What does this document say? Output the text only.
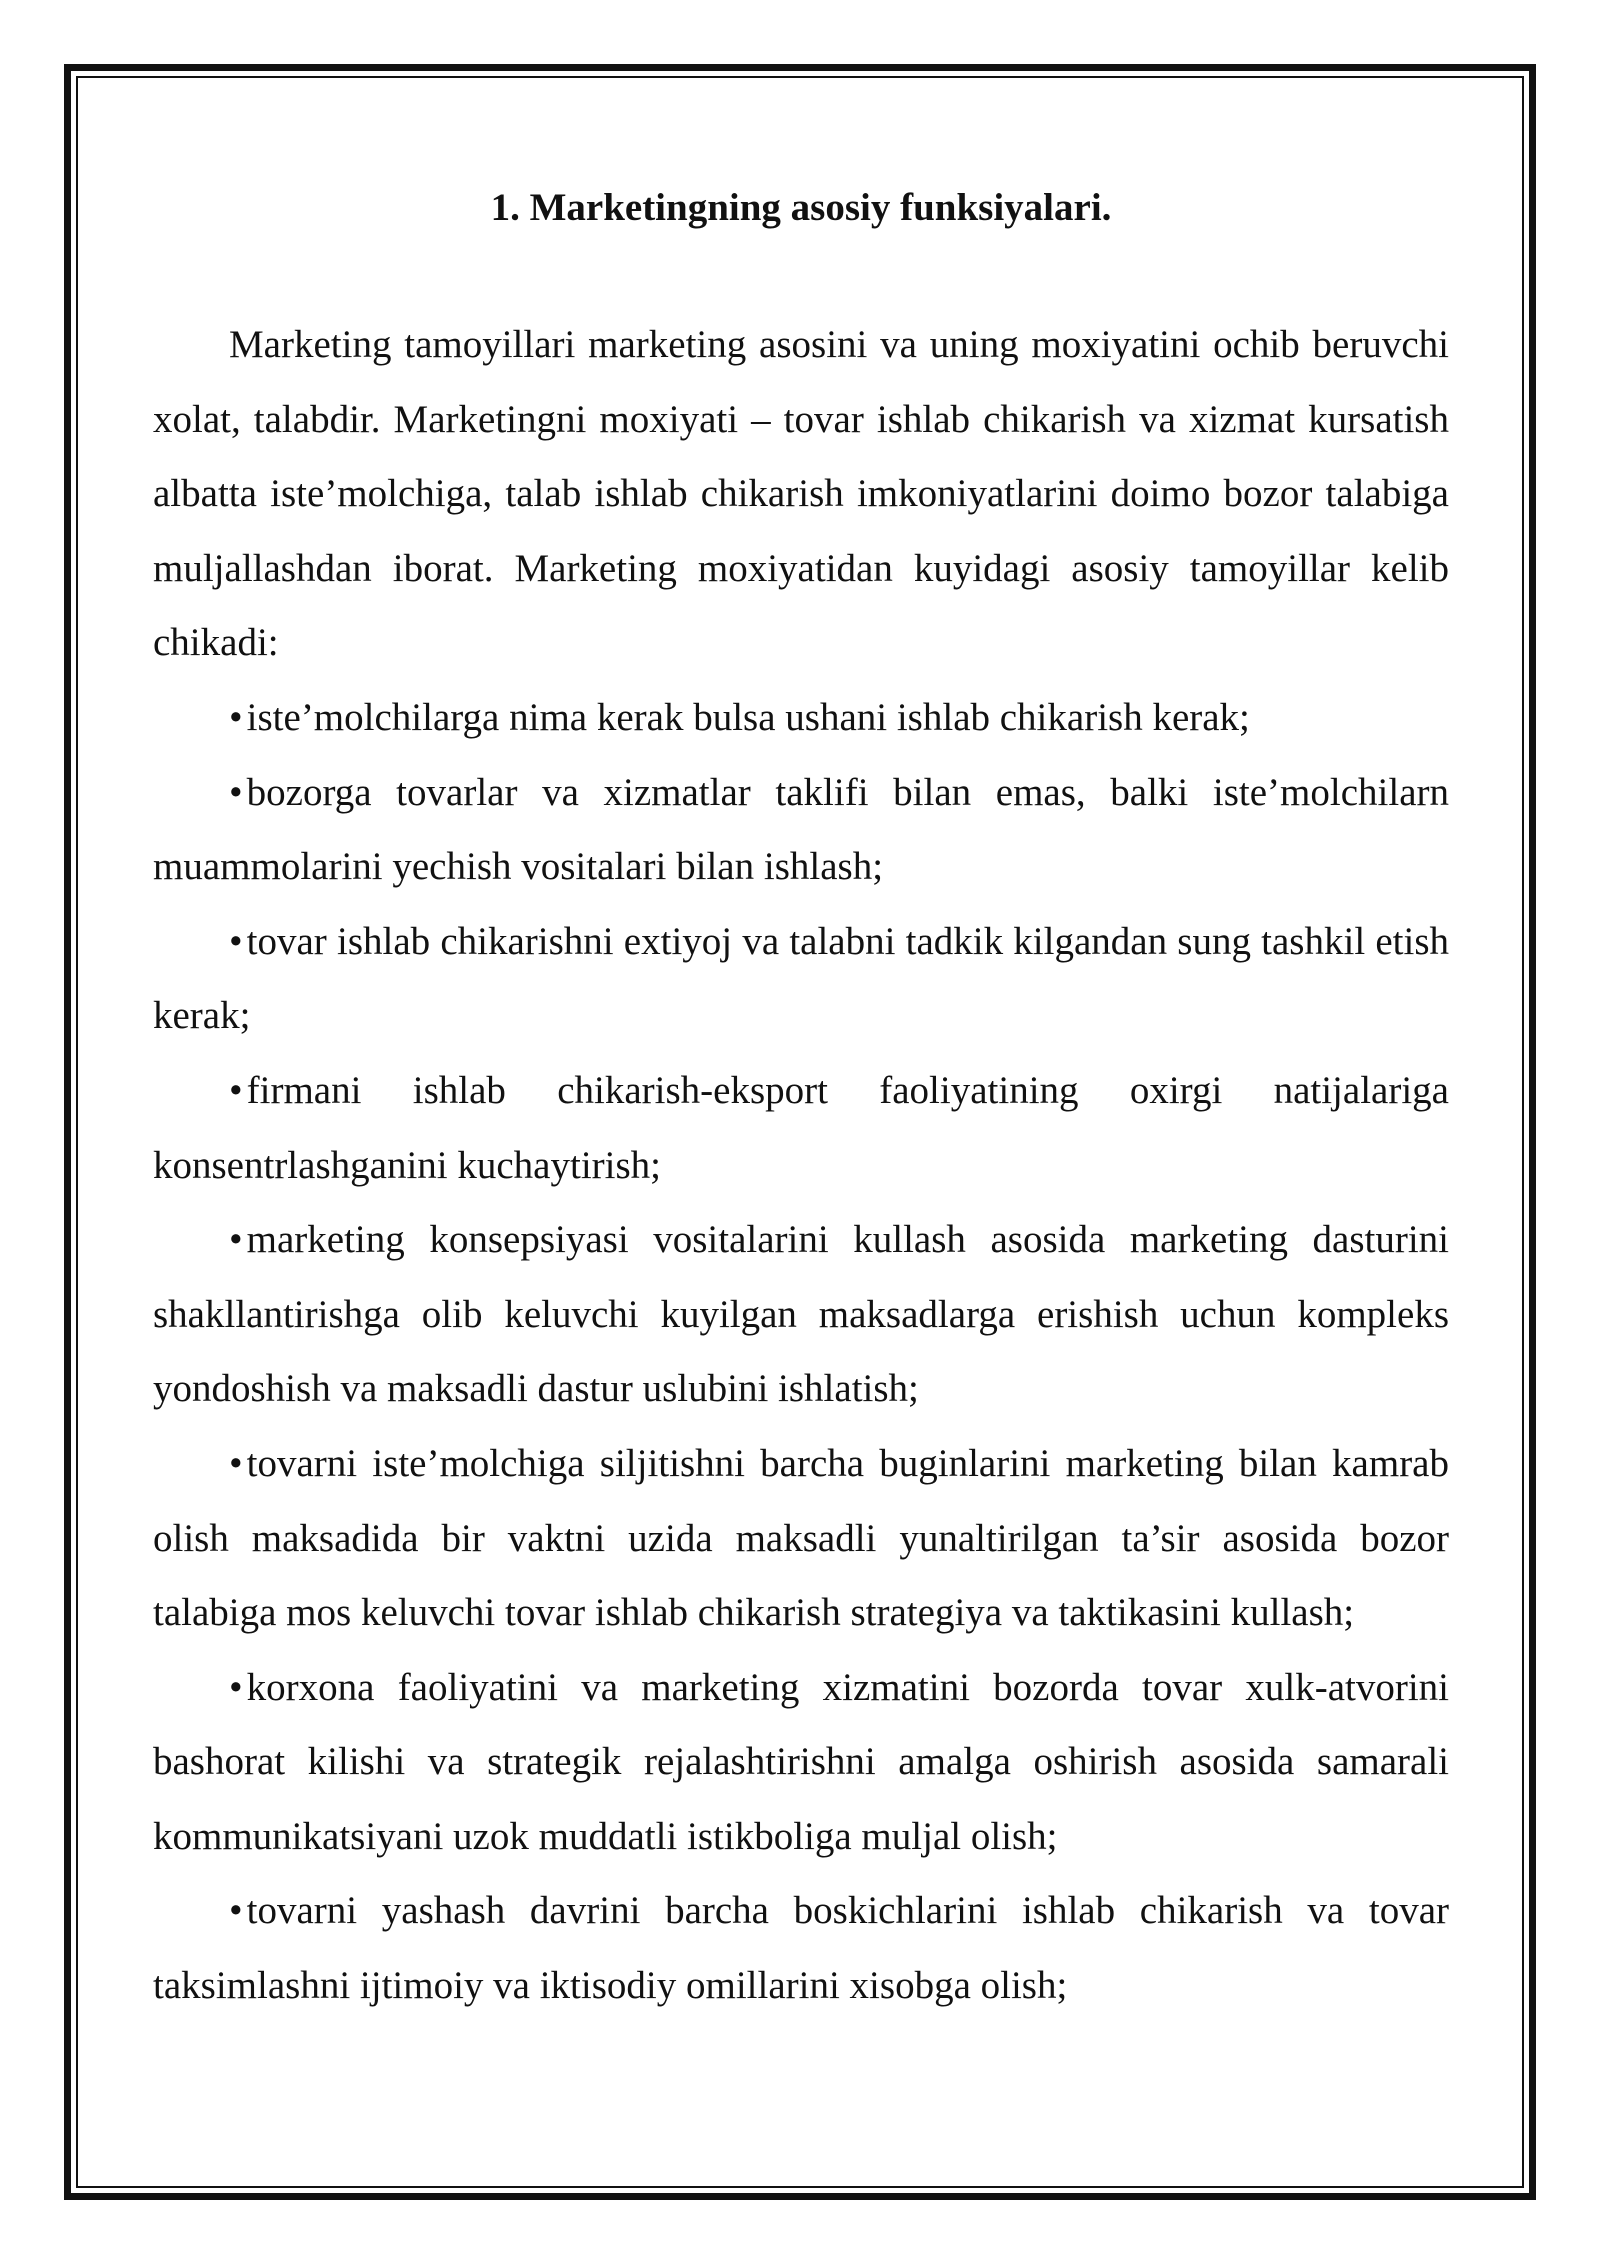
1. Marketingning asosiy funksiyalari.

Marketing tamoyillari marketing asosini va uning moxiyatini ochib beruvchi xolat, talabdir. Marketingni moxiyati – tovar ishlab chikarish va xizmat kursatish albatta iste’molchiga, talab ishlab chikarish imkoniyatlarini doimo bozor talabiga muljallashdan iborat. Marketing moxiyatidan kuyidagi asosiy tamoyillar kelib chikadi:

• iste’molchilarga nima kerak bulsa ushani ishlab chikarish kerak;

• bozorga tovarlar va xizmatlar taklifi bilan emas, balki iste’molchilarn muammolarini yechish vositalari bilan ishlash;

• tovar ishlab chikarishni extiyoj va talabni tadkik kilgandan sung tashkil etish kerak;

• firmani ishlab chikarish-eksport faoliyatining oxirgi natijalariga konsentrlashganini kuchaytirish;

• marketing konsepsiyasi vositalarini kullash asosida marketing dasturini shakllantirishga olib keluvchi kuyilgan maksadlarga erishish uchun kompleks yondoshish va maksadli dastur uslubini ishlatish;

• tovarni iste’molchiga siljitishni barcha buginlarini marketing bilan kamrab olish maksadida bir vaktni uzida maksadli yunaltirilgan ta’sir asosida bozor talabiga mos keluvchi tovar ishlab chikarish strategiya va taktikasini kullash;

• korxona faoliyatini va marketing xizmatini bozorda tovar xulk-atvorini bashorat kilishi va strategik rejalashtirishni amalga oshirish asosida samarali kommunikatsiyani uzok muddatli istikboliga muljal olish;

• tovarni yashash davrini barcha boskichlarini ishlab chikarish va tovar taksimlashni ijtimoiy va iktisodiy omillarini xisobga olish;
